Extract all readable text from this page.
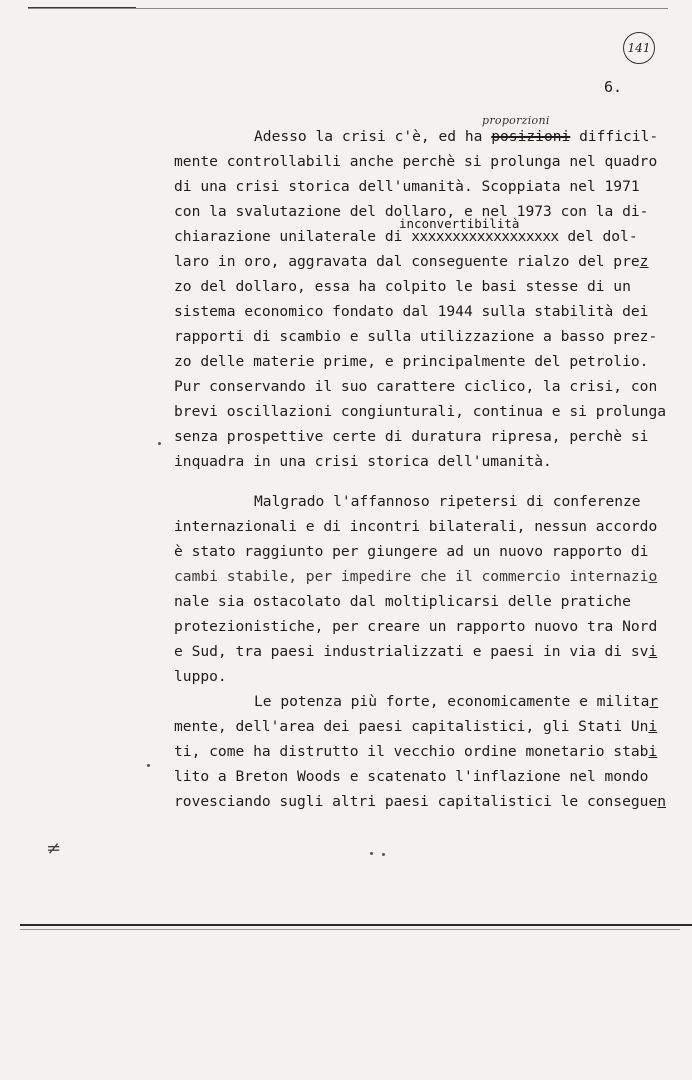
141
6.
proporzioni
Adesso la crisi c'è, ed ha posizioni difficil-
mente controllabili anche perchè si prolunga nel quadro
di una crisi storica dell'umanità. Scoppiata nel 1971
con la svalutazione del dollaro, e nel 1973 con la di-
inconvertibilità
chiarazione unilaterale di xxxxxxxxxxxxxxxxxx del dol-
laro in oro, aggravata dal conseguente rialzo del prez
zo del dollaro, essa ha colpito le basi stesse di un
sistema economico fondato dal 1944 sulla stabilità dei
rapporti di scambio e sulla utilizzazione a basso prez-
zo delle materie prime, e principalmente del petrolio.
Pur conservando il suo carattere ciclico, la crisi, con
brevi oscillazioni congiunturali, continua e si prolunga
senza prospettive certe di duratura ripresa, perchè si
inquadra in una crisi storica dell'umanità.
Malgrado l'affannoso ripetersi di conferenze
internazionali e di incontri bilaterali, nessun accordo
è stato raggiunto per giungere ad un nuovo rapporto di
cambi stabile, per impedire che il commercio internazio
nale sia ostacolato dal moltiplicarsi delle pratiche
protezionistiche, per creare un rapporto nuovo tra Nord
e Sud, tra paesi industrializzati e paesi in via di svi
luppo.
Le potenza più forte, economicamente e militar
mente, dell'area dei paesi capitalistici, gli Stati Uni
ti, come ha distrutto il vecchio ordine monetario stabi
lito a Breton Woods e scatenato l'inflazione nel mondo
rovesciando sugli altri paesi capitalistici le conseguen
≠
